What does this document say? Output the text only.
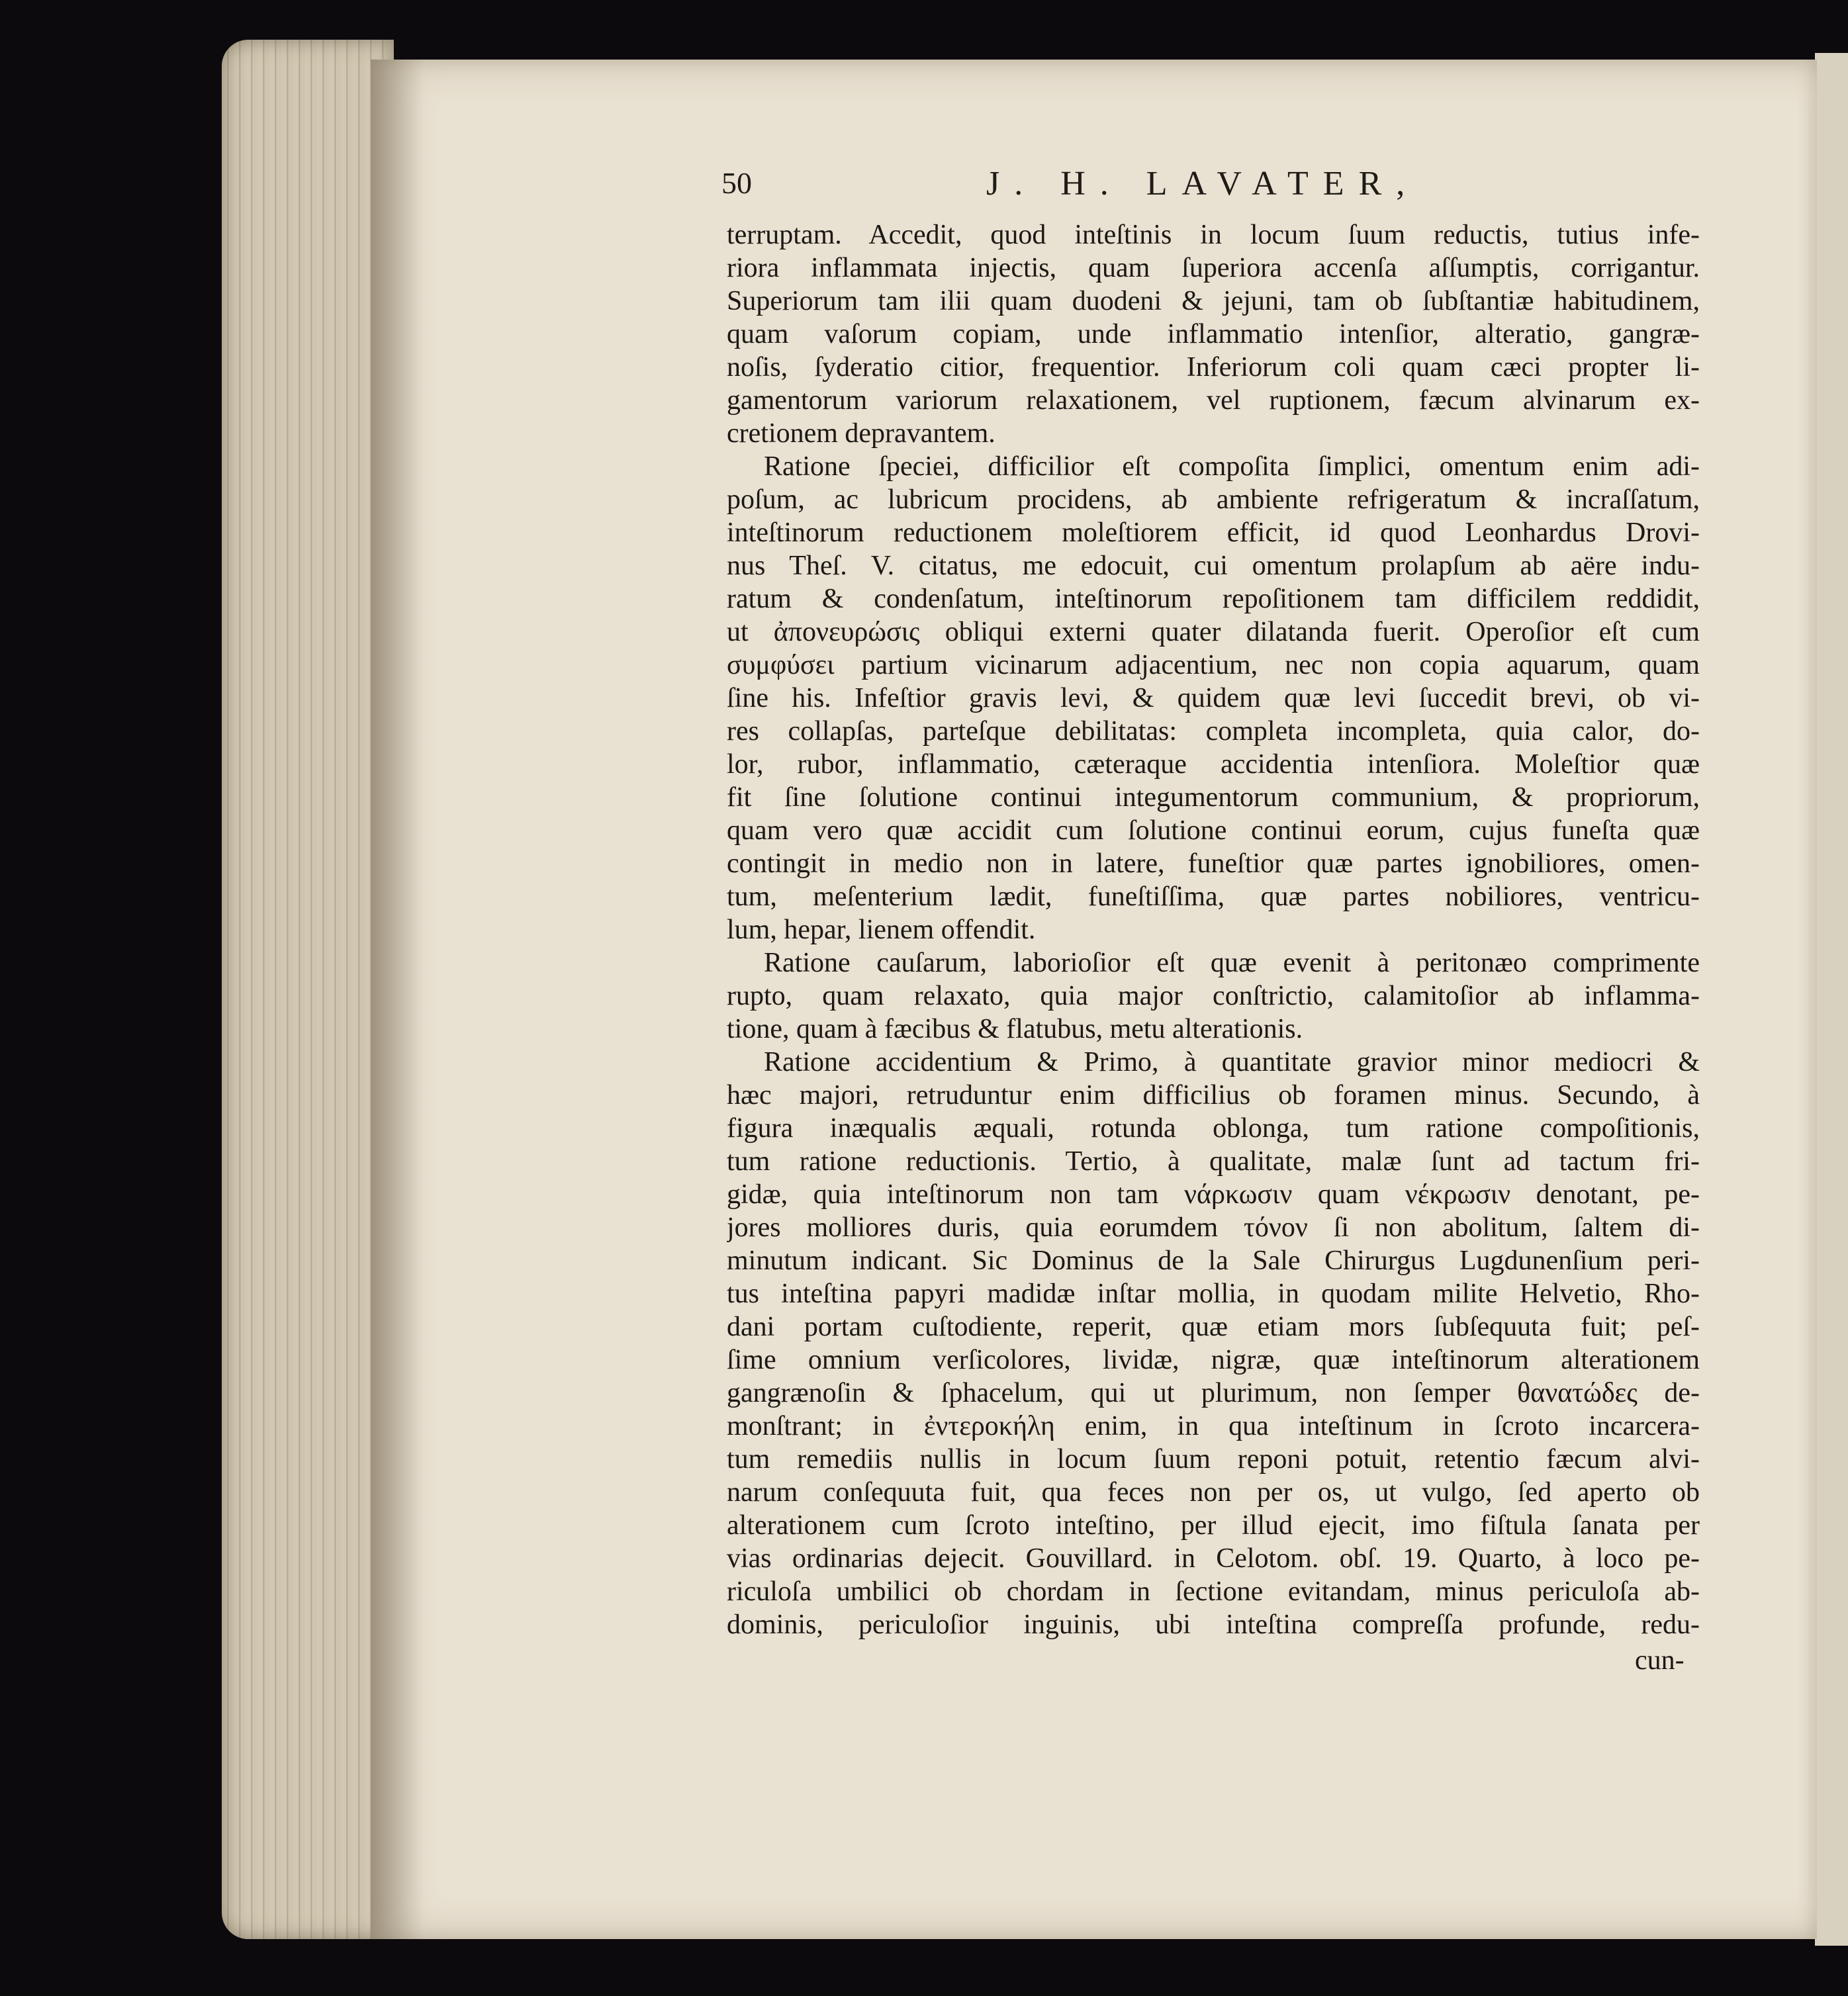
50	J. H. LAVATER,
terruptam. Accedit, quod inteſtinis in locum ſuum reductis, tutius infe-
riora inflammata injectis, quam ſuperiora accenſa aſſumptis, corrigantur.
Superiorum tam ilii quam duodeni & jejuni, tam ob ſubſtantiæ habitudinem,
quam vaſorum copiam, unde inflammatio intenſior, alteratio, gangræ-
noſis, ſyderatio citior, frequentior. Inferiorum coli quam cæci propter li-
gamentorum variorum relaxationem, vel ruptionem, fæcum alvinarum ex-
cretionem depravantem.
Ratione ſpeciei, difficilior eſt compoſita ſimplici, omentum enim adi-
poſum, ac lubricum procidens, ab ambiente refrigeratum & incraſſatum,
inteſtinorum reductionem moleſtiorem efficit, id quod Leonhardus Drovi-
nus Theſ. V. citatus, me edocuit, cui omentum prolapſum ab aëre indu-
ratum & condenſatum, inteſtinorum repoſitionem tam difficilem reddidit,
ut ἀπονευρώσις obliqui externi quater dilatanda fuerit. Operoſior eſt cum
συμφύσει partium vicinarum adjacentium, nec non copia aquarum, quam
ſine his. Infeſtior gravis levi, & quidem quæ levi ſuccedit brevi, ob vi-
res collapſas, parteſque debilitatas: completa incompleta, quia calor, do-
lor, rubor, inflammatio, cæteraque accidentia intenſiora. Moleſtior quæ
fit ſine ſolutione continui integumentorum communium, & propriorum,
quam vero quæ accidit cum ſolutione continui eorum, cujus funeſta quæ
contingit in medio non in latere, funeſtior quæ partes ignobiliores, omen-
tum, meſenterium lædit, funeſtiſſima, quæ partes nobiliores, ventricu-
lum, hepar, lienem offendit.
Ratione cauſarum, laborioſior eſt quæ evenit à peritonæo comprimente
rupto, quam relaxato, quia major conſtrictio, calamitoſior ab inflamma-
tione, quam à fæcibus & flatubus, metu alterationis.
Ratione accidentium & Primo, à quantitate gravior minor mediocri &
hæc majori, retruduntur enim difficilius ob foramen minus. Secundo, à
figura inæqualis æquali, rotunda oblonga, tum ratione compoſitionis,
tum ratione reductionis. Tertio, à qualitate, malæ ſunt ad tactum fri-
gidæ, quia inteſtinorum non tam νάρκωσιν quam νέκρωσιν denotant, pe-
jores molliores duris, quia eorumdem τόνον ſi non abolitum, ſaltem di-
minutum indicant. Sic Dominus de la Sale Chirurgus Lugdunenſium peri-
tus inteſtina papyri madidæ inſtar mollia, in quodam milite Helvetio, Rho-
dani portam cuſtodiente, reperit, quæ etiam mors ſubſequuta fuit; peſ-
ſime omnium verſicolores, lividæ, nigræ, quæ inteſtinorum alterationem
gangrænoſin & ſphacelum, qui ut plurimum, non ſemper θανατώδες de-
monſtrant; in ἐντεροκήλη enim, in qua inteſtinum in ſcroto incarcera-
tum remediis nullis in locum ſuum reponi potuit, retentio fæcum alvi-
narum conſequuta fuit, qua feces non per os, ut vulgo, ſed aperto ob
alterationem cum ſcroto inteſtino, per illud ejecit, imo fiſtula ſanata per
vias ordinarias dejecit. Gouvillard. in Celotom. obſ. 19. Quarto, à loco pe-
riculoſa umbilici ob chordam in ſectione evitandam, minus periculoſa ab-
dominis, periculoſior inguinis, ubi inteſtina compreſſa profunde, redu-
cun-
